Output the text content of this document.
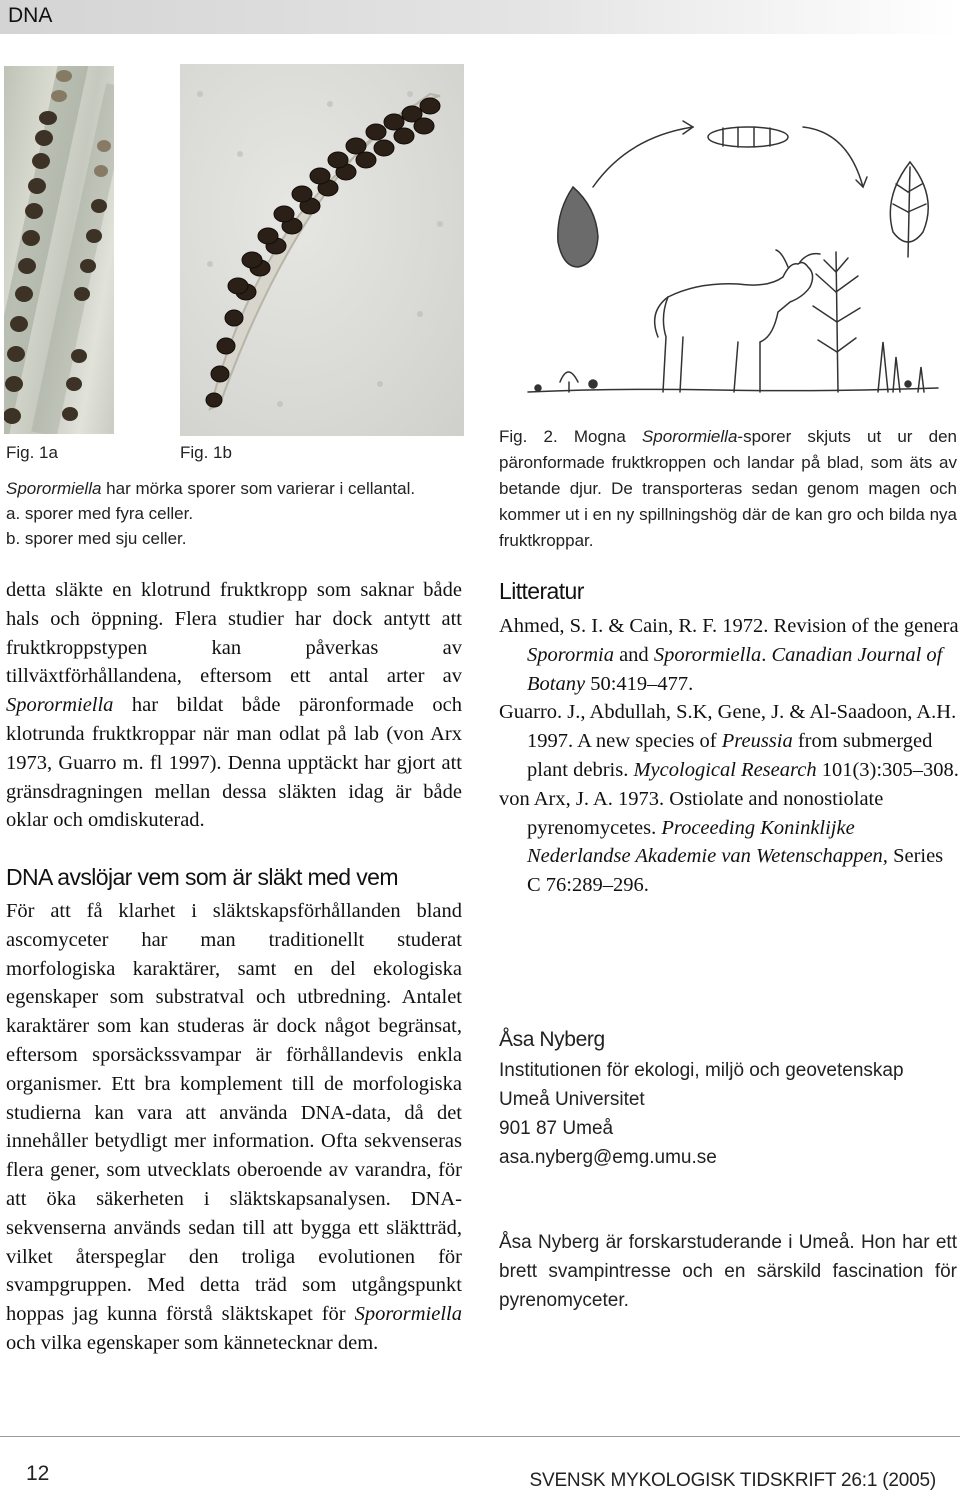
DNA
Fig. 1a	Fig. 1b
Sporormiella har mörka sporer som varierar i cellantal.
a. sporer med fyra celler.
b. sporer med sju celler.
Fig. 2. Mogna Sporormiella-sporer skjuts ut ur den päronformade fruktkroppen och landar på blad, som äts av betande djur. De transporteras sedan genom magen och kommer ut i en ny spillningshög där de kan gro och bilda nya fruktkroppar.
detta släkte en klotrund fruktkropp som saknar både hals och öppning. Flera studier har dock antytt att fruktkroppstypen kan påverkas av tillväxtförhållandena, eftersom ett antal arter av Sporormiella har bildat både päronformade och klotrunda fruktkroppar när man odlat på lab (von Arx 1973, Guarro m. fl 1997). Denna upptäckt har gjort att gränsdragningen mellan dessa släkten idag är både oklar och omdiskuterad.
DNA avslöjar vem som är släkt med vem
För att få klarhet i släktskapsförhållanden bland ascomyceter har man traditionellt studerat morfologiska karaktärer, samt en del ekologiska egenskaper som substratval och utbredning. Antalet karaktärer som kan studeras är dock något begränsat, eftersom sporsäckssvampar är förhållandevis enkla organismer. Ett bra komplement till de morfologiska studierna kan vara att använda DNA-data, då det innehåller betydligt mer information. Ofta sekvenseras flera gener, som utvecklats oberoende av varandra, för att öka säkerheten i släktskapsanalysen. DNA-sekvenserna används sedan till att bygga ett släktträd, vilket återspeglar den troliga evolutionen för svampgruppen. Med detta träd som utgångspunkt hoppas jag kunna förstå släktskapet för Sporormiella och vilka egenskaper som kännetecknar dem.
Litteratur
Ahmed, S. I. & Cain, R. F. 1972. Revision of the genera Sporormia and Sporormiella. Canadian Journal of Botany 50:419–477.
Guarro. J., Abdullah, S.K, Gene, J. & Al-Saadoon, A.H. 1997. A new species of Preussia from submerged plant debris. Mycological Research 101(3):305–308.
von Arx, J. A. 1973. Ostiolate and nonostiolate pyrenomycetes. Proceeding Koninklijke Nederlandse Akademie van Wetenschappen, Series C 76:289–296.
Åsa Nyberg
Institutionen för ekologi, miljö och geovetenskap
Umeå Universitet
901 87 Umeå
asa.nyberg@emg.umu.se
Åsa Nyberg är forskarstuderande i Umeå. Hon har ett brett svampintresse och en särskild fascination för pyrenomyceter.
12	SVENSK MYKOLOGISK TIDSKRIFT 26:1 (2005)
